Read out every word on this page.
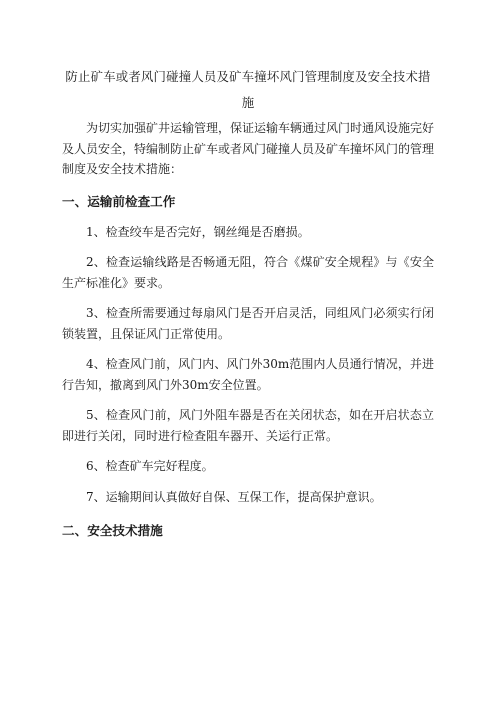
防止矿车或者风门碰撞人员及矿车撞坏风门管理制度及安全技术措施

为切实加强矿井运输管理，保证运输车辆通过风门时通风设施完好及人员安全，特编制防止矿车或者风门碰撞人员及矿车撞坏风门的管理制度及安全技术措施：

一、运输前检查工作

1、检查绞车是否完好，钢丝绳是否磨损。

2、检查运输线路是否畅通无阻，符合《煤矿安全规程》与《安全生产标准化》要求。

3、检查所需要通过每扇风门是否开启灵活，同组风门必须实行闭锁装置，且保证风门正常使用。

4、检查风门前，风门内、风门外30m范围内人员通行情况，并进行告知，撤离到风门外30m安全位置。

5、检查风门前，风门外阻车器是否在关闭状态，如在开启状态立即进行关闭，同时进行检查阻车器开、关运行正常。

6、检查矿车完好程度。

7、运输期间认真做好自保、互保工作，提高保护意识。

二、安全技术措施
